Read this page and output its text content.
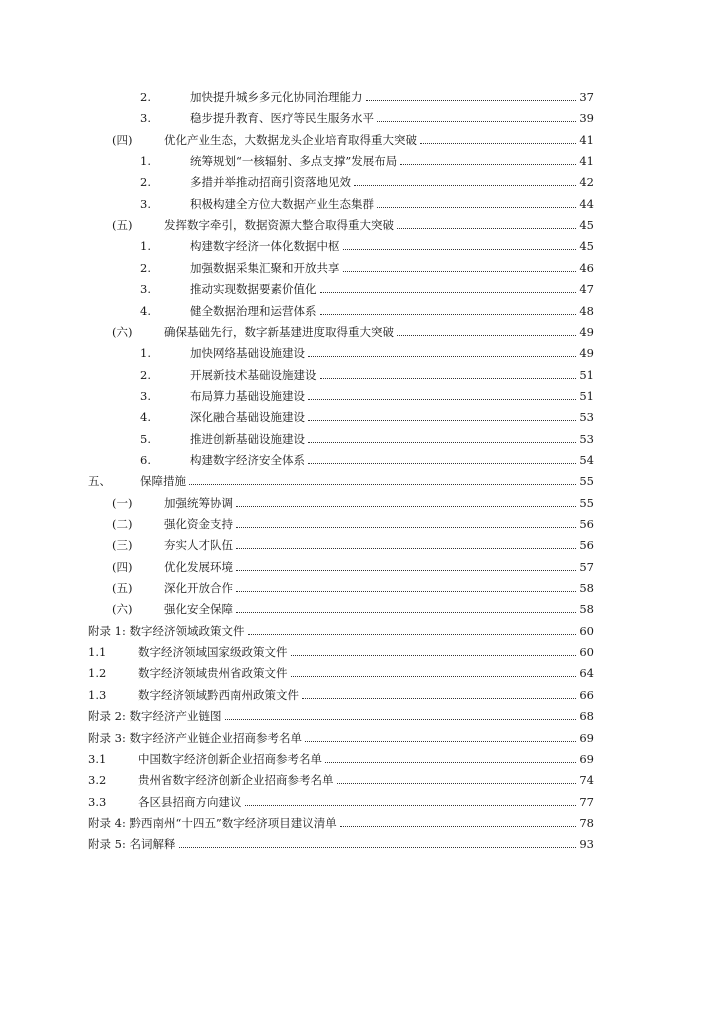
2.	加快提升城乡多元化协同治理能力	37
3.	稳步提升教育、医疗等民生服务水平	39
(四)	优化产业生态，大数据龙头企业培育取得重大突破	41
1.	统筹规划“一核辐射、多点支撑”发展布局	41
2.	多措并举推动招商引资落地见效	42
3.	积极构建全方位大数据产业生态集群	44
(五)	发挥数字牵引，数据资源大整合取得重大突破	45
1.	构建数字经济一体化数据中枢	45
2.	加强数据采集汇聚和开放共享	46
3.	推动实现数据要素价值化	47
4.	健全数据治理和运营体系	48
(六)	确保基础先行，数字新基建进度取得重大突破	49
1.	加快网络基础设施建设	49
2.	开展新技术基础设施建设	51
3.	布局算力基础设施建设	51
4.	深化融合基础设施建设	53
5.	推进创新基础设施建设	53
6.	构建数字经济安全体系	54
五、	保障措施	55
(一)	加强统筹协调	55
(二)	强化资金支持	56
(三)	夯实人才队伍	56
(四)	优化发展环境	57
(五)	深化开放合作	58
(六)	强化安全保障	58
附录 1: 数字经济领域政策文件	60
1.1	数字经济领域国家级政策文件	60
1.2	数字经济领域贵州省政策文件	64
1.3	数字经济领域黔西南州政策文件	66
附录 2: 数字经济产业链图	68
附录 3: 数字经济产业链企业招商参考名单	69
3.1	中国数字经济创新企业招商参考名单	69
3.2	贵州省数字经济创新企业招商参考名单	74
3.3	各区县招商方向建议	77
附录 4: 黔西南州“十四五”数字经济项目建议清单	78
附录 5: 名词解释	93
